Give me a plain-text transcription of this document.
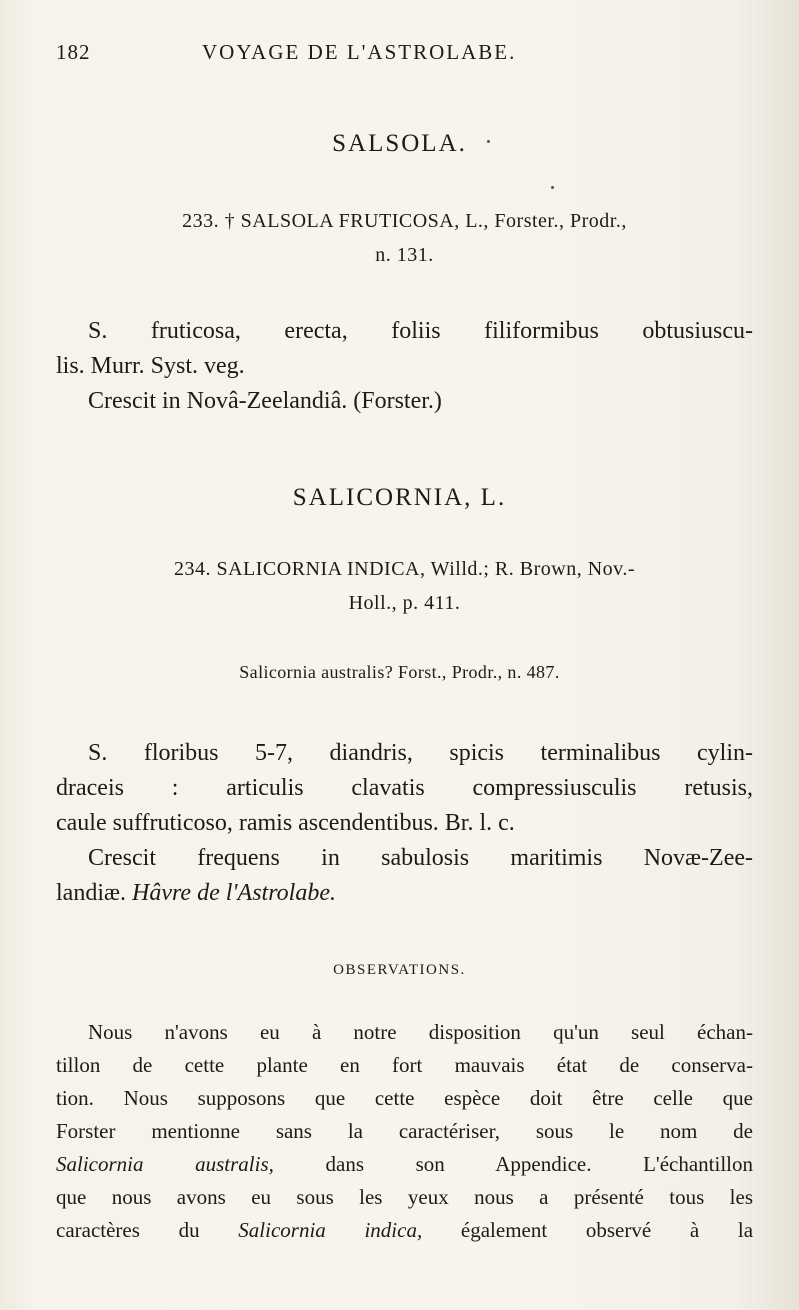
182	VOYAGE DE L'ASTROLABE.
SALSOLA.
233. † SALSOLA FRUTICOSA, L., Forster., Prodr.,
n. 131.
S. fruticosa, erecta, foliis filiformibus obtusiuscu-
lis. Murr. Syst. veg.
Crescit in Novâ-Zeelandiâ. (Forster.)
SALICORNIA, L.
234. SALICORNIA INDICA, Willd.; R. Brown, Nov.-
Holl., p. 411.
Salicornia australis? Forst., Prodr., n. 487.
S. floribus 5-7, diandris, spicis terminalibus cylin-
draceis : articulis clavatis compressiusculis retusis,
caule suffruticoso, ramis ascendentibus. Br. l. c.
Crescit frequens in sabulosis maritimis Novæ-Zee-
landiæ. Hâvre de l'Astrolabe.
OBSERVATIONS.
Nous n'avons eu à notre disposition qu'un seul échan-
tillon de cette plante en fort mauvais état de conserva-
tion. Nous supposons que cette espèce doit être celle que
Forster mentionne sans la caractériser, sous le nom de
Salicornia australis, dans son Appendice. L'échantillon
que nous avons eu sous les yeux nous a présenté tous les
caractères du Salicornia indica, également observé à la
